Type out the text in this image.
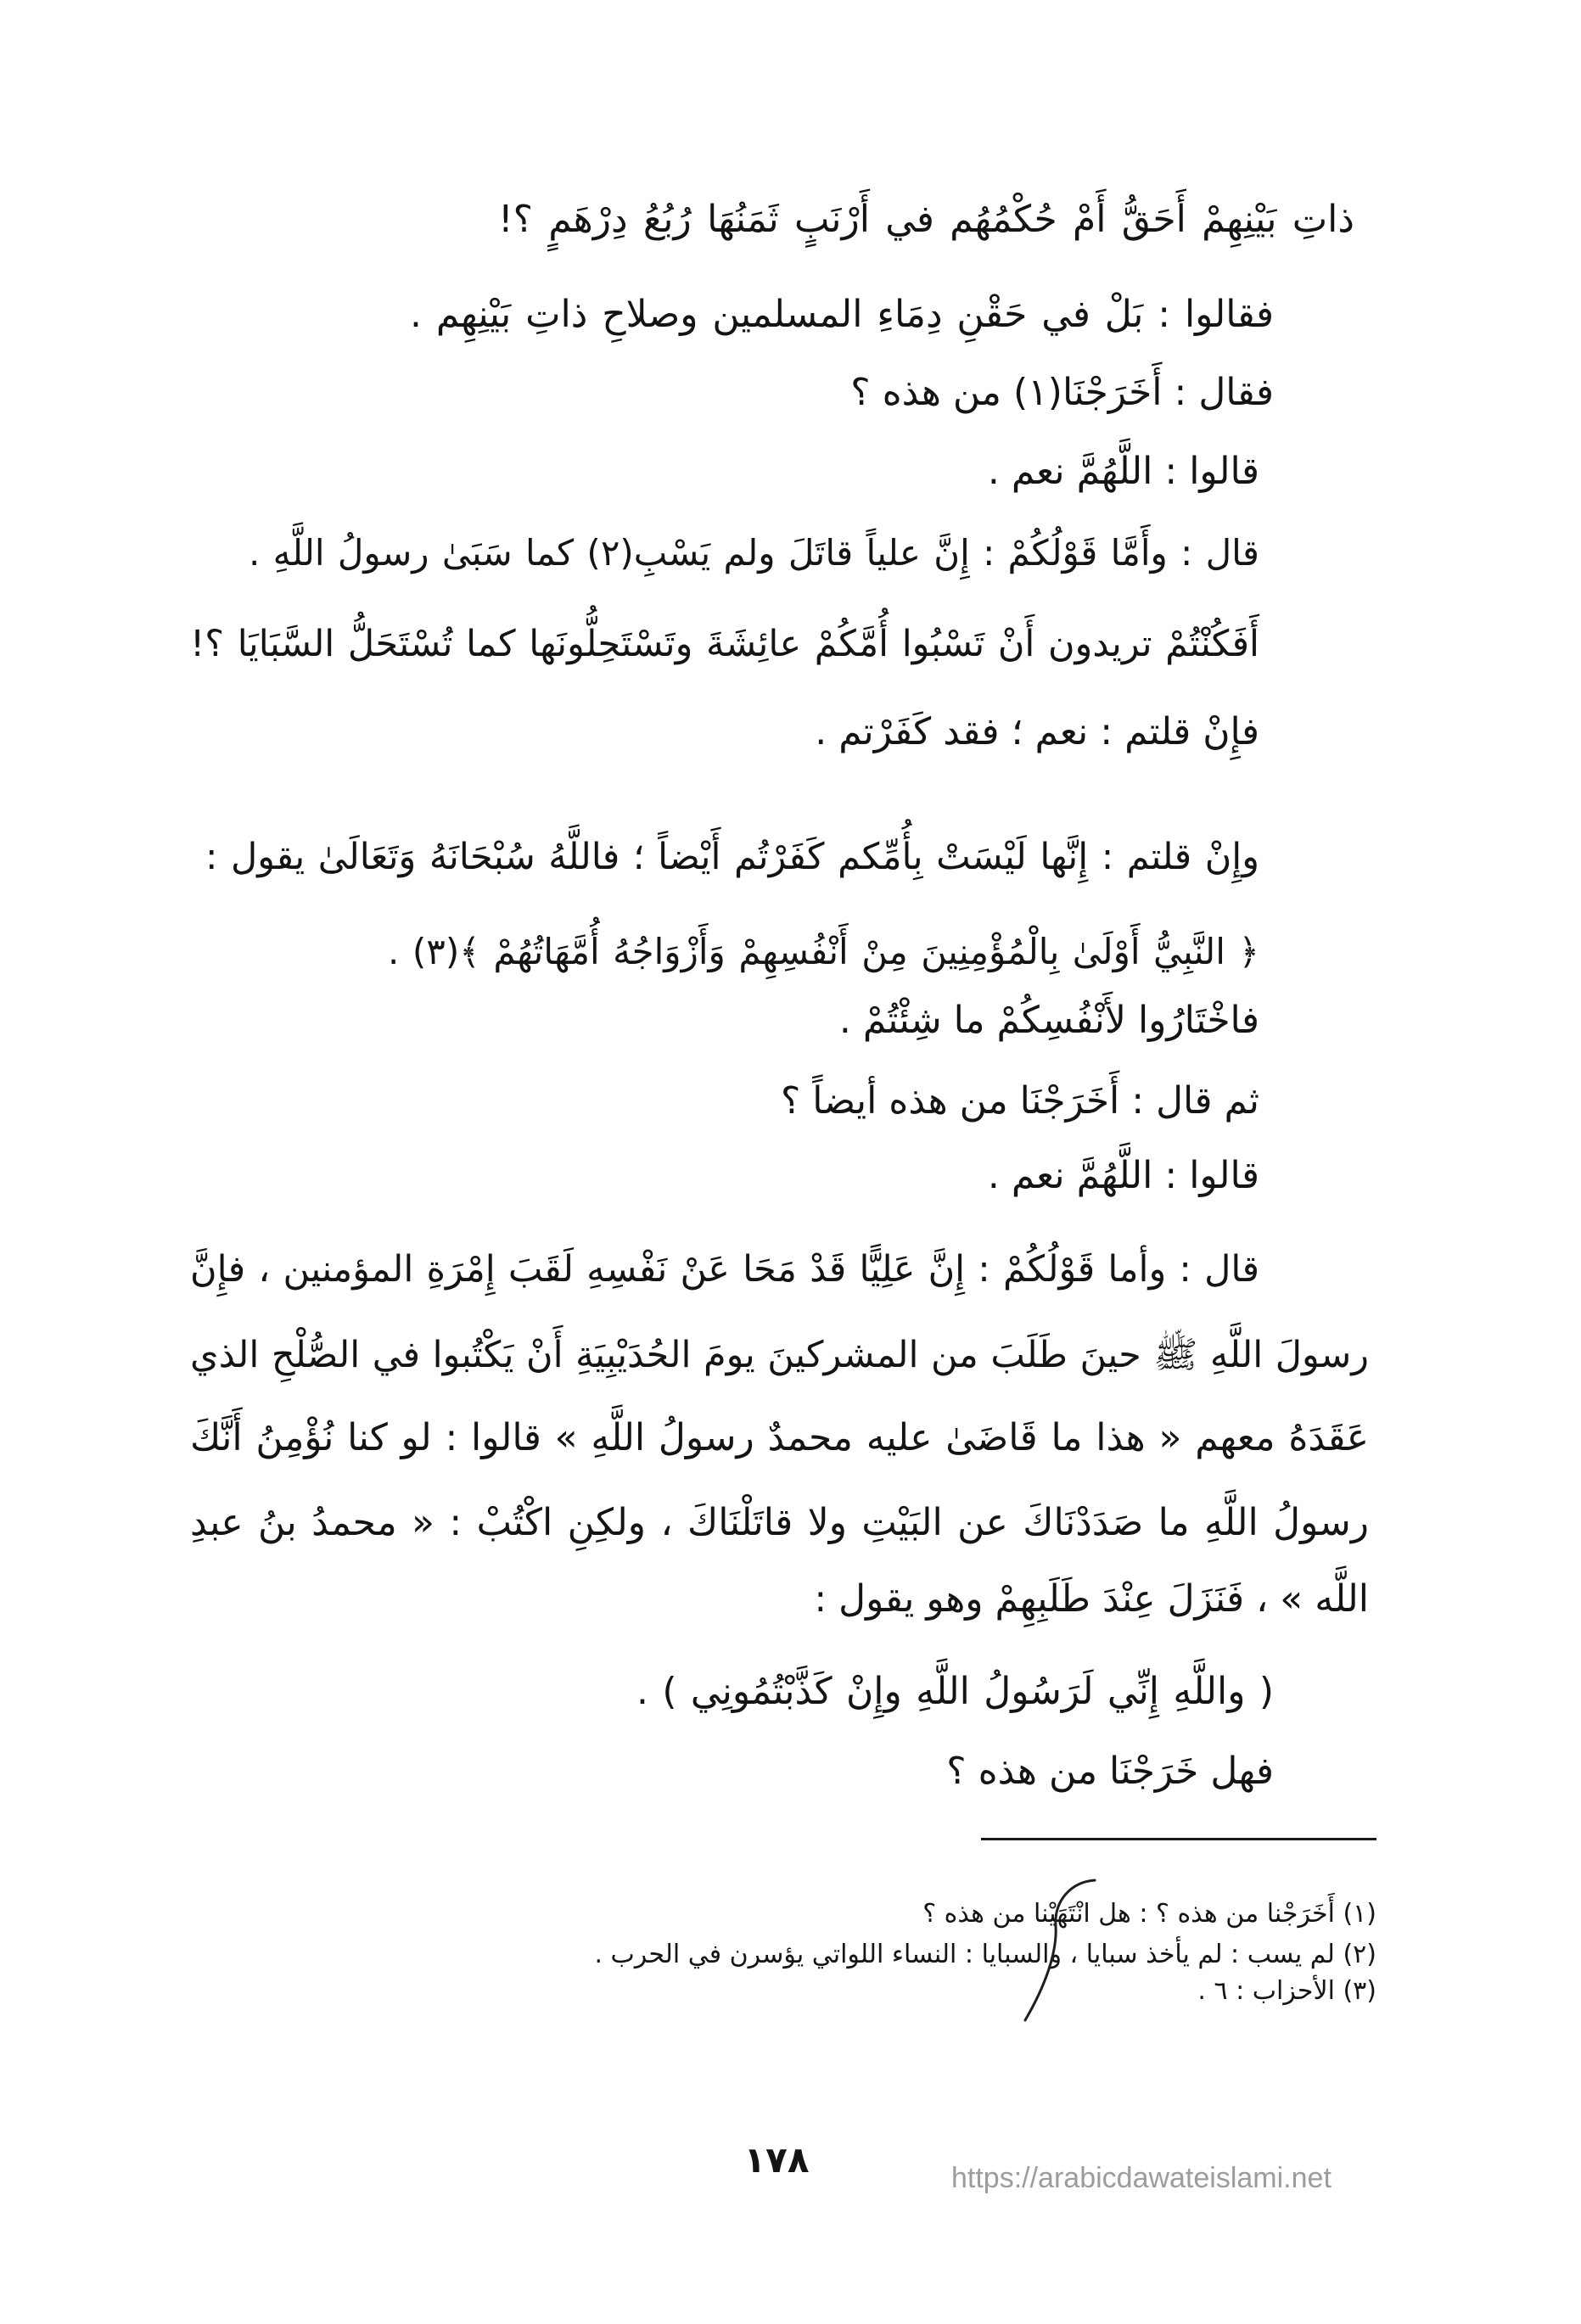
ذاتِ بَيْنِهِمْ أَحَقُّ أَمْ حُكْمُهُم في أَرْنَبٍ ثَمَنُهَا رُبُعُ دِرْهَمٍ ؟!
فقالوا : بَلْ في حَقْنِ دِمَاءِ المسلمين وصلاحِ ذاتِ بَيْنِهِم .
فقال : أَخَرَجْنَا(١) من هذه ؟
قالوا : اللَّهُمَّ نعم .
قال : وأَمَّا قَوْلُكُمْ : إِنَّ علياً قاتَلَ ولم يَسْبِ(٢) كما سَبَىٰ رسولُ اللَّهِ .
أَفَكُنْتُمْ تريدون أَنْ تَسْبُوا أُمَّكُمْ عائِشَةَ وتَسْتَحِلُّونَها كما تُسْتَحَلُّ السَّبَايَا ؟!
فإِنْ قلتم : نعم ؛ فقد كَفَرْتم .
وإِنْ قلتم : إِنَّها لَيْسَتْ بِأُمِّكم كَفَرْتُم أَيْضاً ؛ فاللَّهُ سُبْحَانَهُ وَتَعَالَىٰ يقول :
﴿ النَّبِيُّ أَوْلَىٰ بِالْمُؤْمِنِينَ مِنْ أَنْفُسِهِمْ وَأَزْوَاجُهُ أُمَّهَاتُهُمْ ﴾(٣) .
فاخْتَارُوا لأَنْفُسِكُمْ ما شِئْتُمْ .
ثم قال : أَخَرَجْنَا من هذه أيضاً ؟
قالوا : اللَّهُمَّ نعم .
قال : وأما قَوْلُكُمْ : إِنَّ عَلِيًّا قَدْ مَحَا عَنْ نَفْسِهِ لَقَبَ إِمْرَةِ المؤمنين ، فإِنَّ
رسولَ اللَّهِ ﷺ حينَ طَلَبَ من المشركينَ يومَ الحُدَيْبِيَةِ أَنْ يَكْتُبوا في الصُّلْحِ الذي
عَقَدَهُ معهم « هذا ما قَاضَىٰ عليه محمدٌ رسولُ اللَّهِ » قالوا : لو كنا نُؤْمِنُ أَنَّكَ
رسولُ اللَّهِ ما صَدَدْنَاكَ عن البَيْتِ ولا قاتَلْنَاكَ ، ولكِنِ اكْتُبْ : « محمدُ بنُ عبدِ
اللَّه » ، فَنَزَلَ عِنْدَ طَلَبِهِمْ وهو يقول :
( واللَّهِ إِنِّي لَرَسُولُ اللَّهِ وإِنْ كَذَّبْتُمُونِي ) .
فهل خَرَجْنَا من هذه ؟
(١) أَخَرَجْنا من هذه ؟ : هل انْتَهَيْنا من هذه ؟
(٢) لم يسب : لم يأخذ سبايا ، والسبايا : النساء اللواتي يؤسرن في الحرب .
(٣) الأحزاب : ٦ .
١٧٨	https://arabicdawateislami.net
